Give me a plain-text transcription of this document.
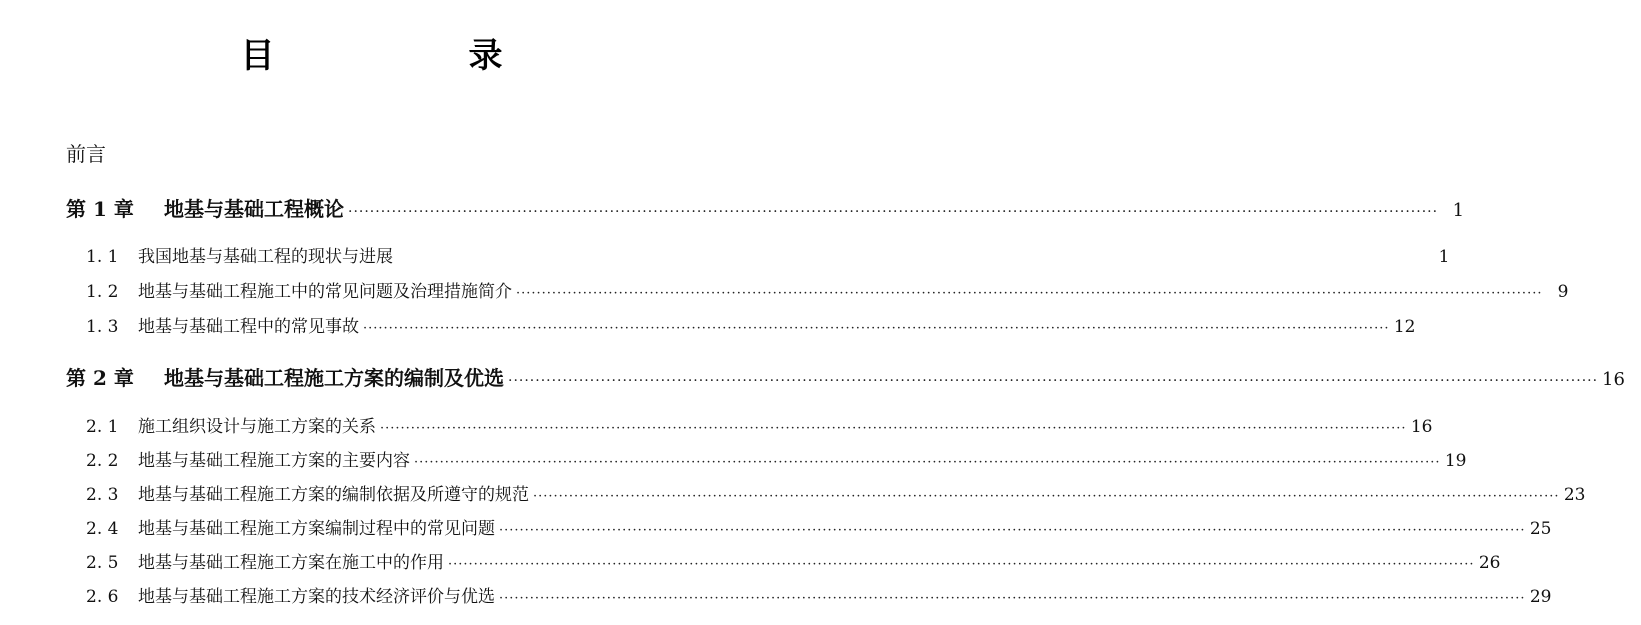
目　录
前言
第 1 章	地基与基础工程概论 ········································································································································································································ 1
1. 1	我国地基与基础工程的现状与进展	1
1. 2	地基与基础工程施工中的常见问题及治理措施简介 ········································································································································································································ 9
1. 3	地基与基础工程中的常见事故 ········································································································································································································ 12
第 2 章	地基与基础工程施工方案的编制及优选 ········································································································································································································ 16
2. 1	施工组织设计与施工方案的关系 ········································································································································································································ 16
2. 2	地基与基础工程施工方案的主要内容 ········································································································································································································ 19
2. 3	地基与基础工程施工方案的编制依据及所遵守的规范 ········································································································································································································ 23
2. 4	地基与基础工程施工方案编制过程中的常见问题 ········································································································································································································ 25
2. 5	地基与基础工程施工方案在施工中的作用 ········································································································································································································ 26
2. 6	地基与基础工程施工方案的技术经济评价与优选 ········································································································································································································ 29
